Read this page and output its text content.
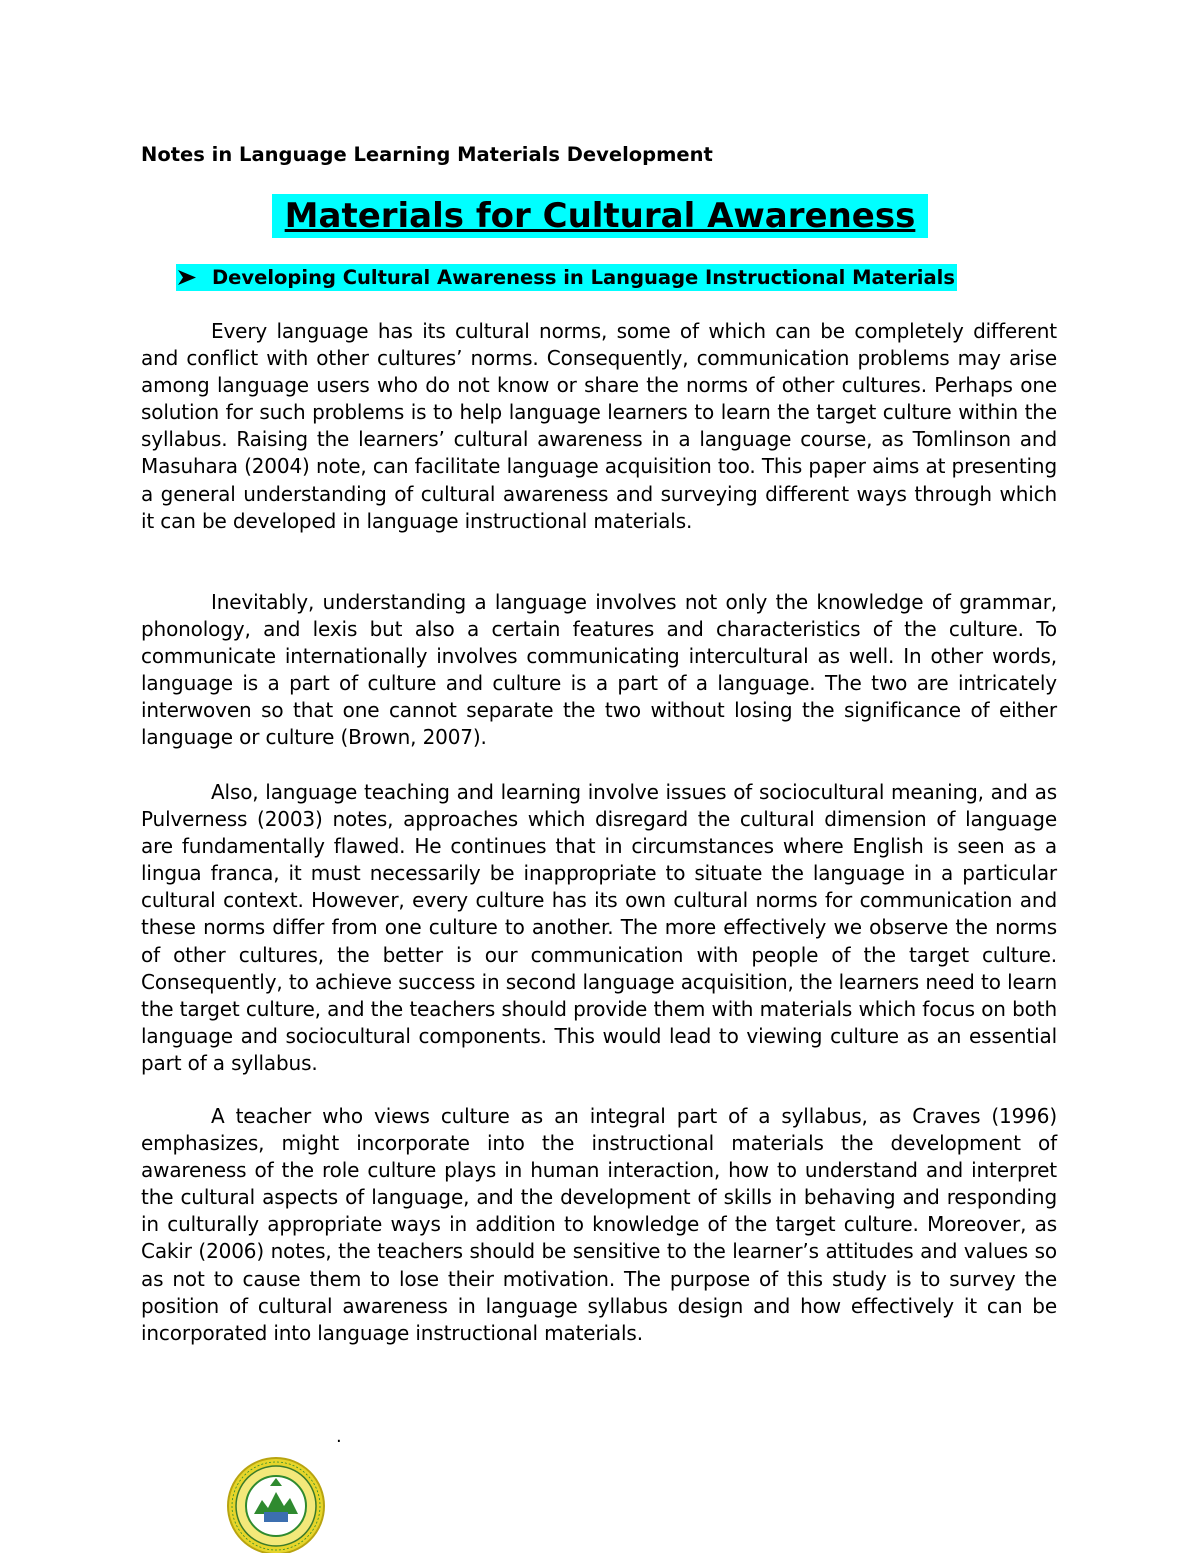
Notes in Language Learning Materials Development
Materials for Cultural Awareness
Developing Cultural Awareness in Language Instructional Materials

Every language has its cultural norms, some of which can be completely different and conflict with other cultures’ norms. Consequently, communication problems may arise among language users who do not know or share the norms of other cultures. Perhaps one solution for such problems is to help language learners to learn the target culture within the syllabus. Raising the learners’ cultural awareness in a language course, as Tomlinson and Masuhara (2004) note, can facilitate language acquisition too. This paper aims at presenting a general understanding of cultural awareness and surveying different ways through which it can be developed in language instructional materials.

Inevitably, understanding a language involves not only the knowledge of grammar, phonology, and lexis but also a certain features and characteristics of the culture. To communicate internationally involves communicating intercultural as well. In other words, language is a part of culture and culture is a part of a language. The two are intricately interwoven so that one cannot separate the two without losing the significance of either language or culture (Brown, 2007).

Also, language teaching and learning involve issues of sociocultural meaning, and as Pulverness (2003) notes, approaches which disregard the cultural dimension of language are fundamentally flawed. He continues that in circumstances where English is seen as a lingua franca, it must necessarily be inappropriate to situate the language in a particular cultural context. However, every culture has its own cultural norms for communication and these norms differ from one culture to another. The more effectively we observe the norms of other cultures, the better is our communication with people of the target culture. Consequently, to achieve success in second language acquisition, the learners need to learn the target culture, and the teachers should provide them with materials which focus on both language and sociocultural components. This would lead to viewing culture as an essential part of a syllabus.

A teacher who views culture as an integral part of a syllabus, as Craves (1996) emphasizes, might incorporate into the instructional materials the development of awareness of the role culture plays in human interaction, how to understand and interpret the cultural aspects of language, and the development of skills in behaving and responding in culturally appropriate ways in addition to knowledge of the target culture. Moreover, as Cakir (2006) notes, the teachers should be sensitive to the learner’s attitudes and values so as not to cause them to lose their motivation. The purpose of this study is to survey the position of cultural awareness in language syllabus design and how effectively it can be incorporated into language instructional materials.

.
